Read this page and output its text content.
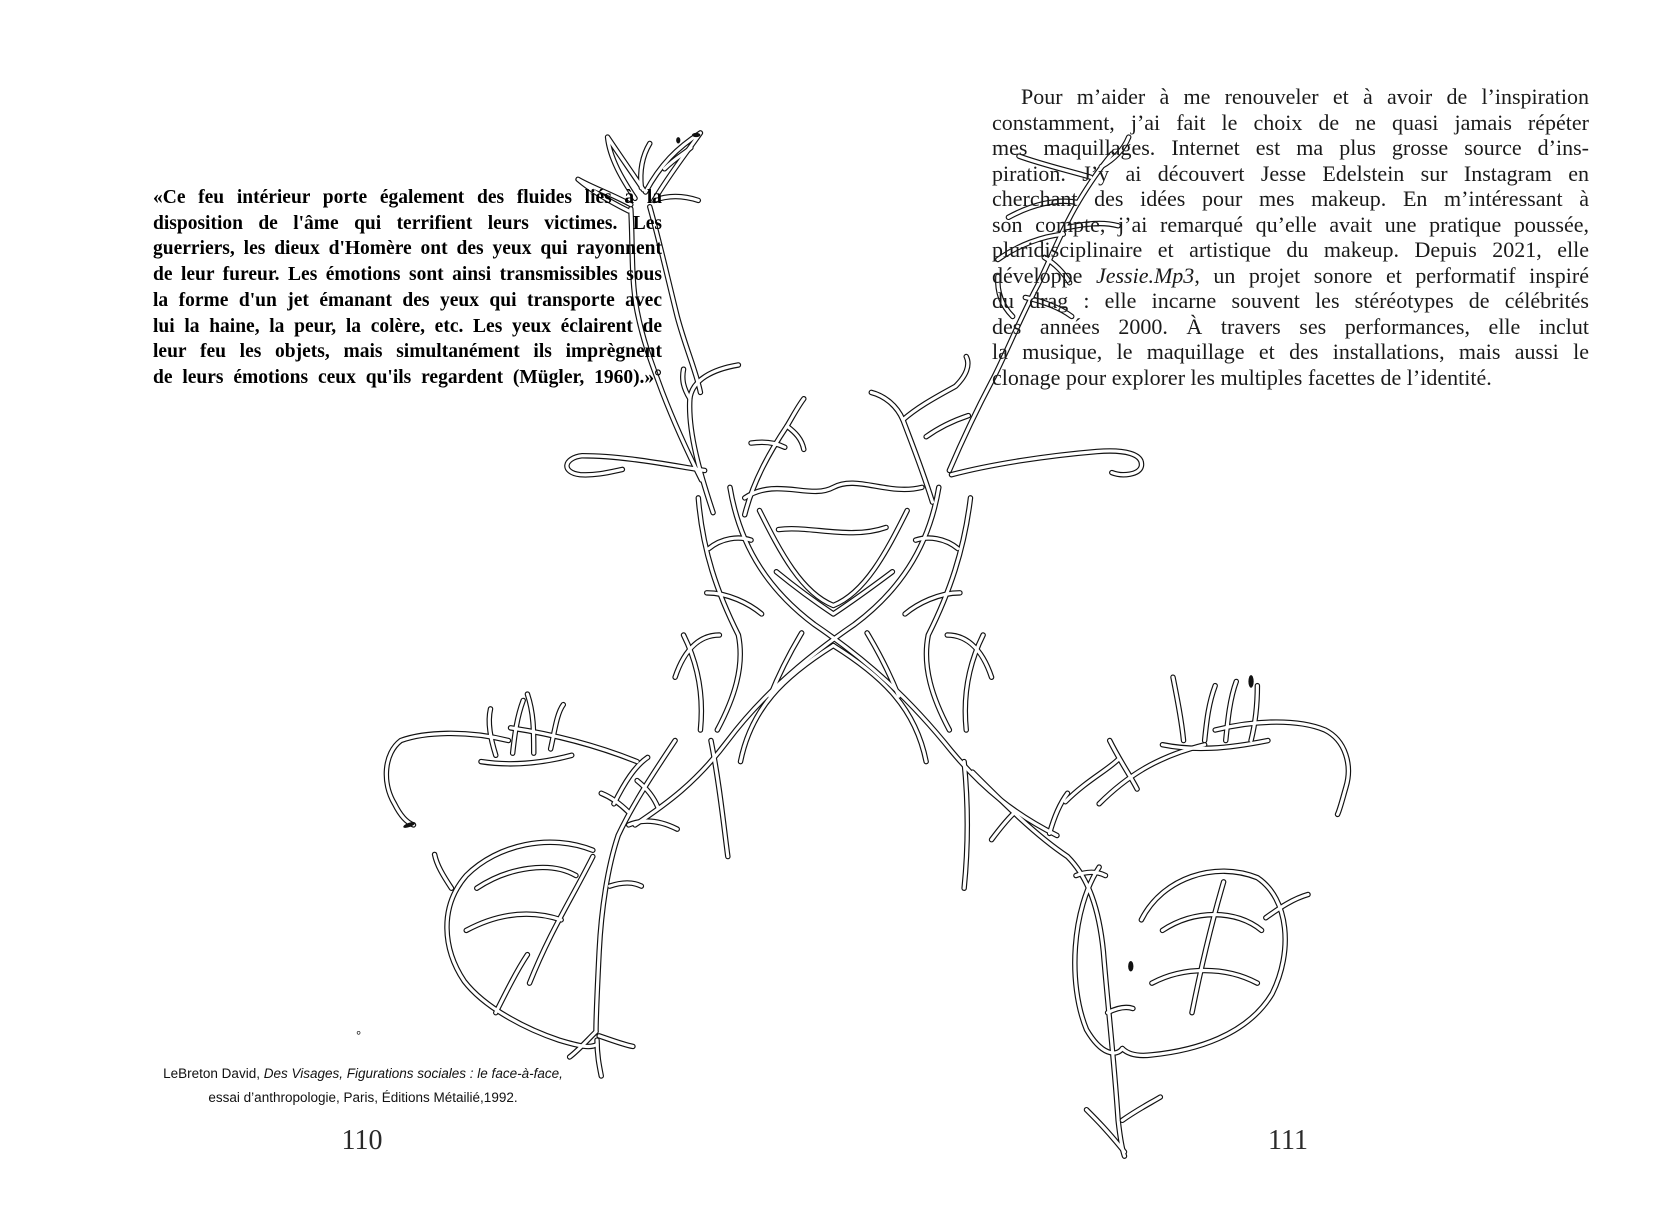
«Ce feu intérieur porte également des fluides liés à la
disposition de l'âme qui terrifient leurs victimes. Les
guerriers, les dieux d'Homère ont des yeux qui rayonnent
de leur fureur. Les émotions sont ainsi transmissibles sous
la forme d'un jet émanant des yeux qui transporte avec
lui la haine, la peur, la colère, etc. Les yeux éclairent de
leur feu les objets, mais simultanément ils imprègnent
de leurs émotions ceux qu'ils regardent (Mügler, 1960).»°
°
LeBreton David, Des Visages, Figurations sociales : le face-à-face,
essai d’anthropologie, Paris, Éditions Métailié,1992.
110
Pour m’aider à me renouveler et à avoir de l’inspiration
constamment, j’ai fait le choix de ne quasi jamais répéter
mes maquillages. Internet est ma plus grosse source d’ins-
piration. J’y ai découvert Jesse Edelstein sur Instagram en
cherchant des idées pour mes makeup. En m’intéressant à
son compte, j’ai remarqué qu’elle avait une pratique poussée,
pluridisciplinaire et artistique du makeup. Depuis 2021, elle
développe Jessie.Mp3, un projet sonore et performatif inspiré
du drag : elle incarne souvent les stéréotypes de célébrités
des années 2000. À travers ses performances, elle inclut
la musique, le maquillage et des installations, mais aussi le
clonage pour explorer les multiples facettes de l’identité.
111
